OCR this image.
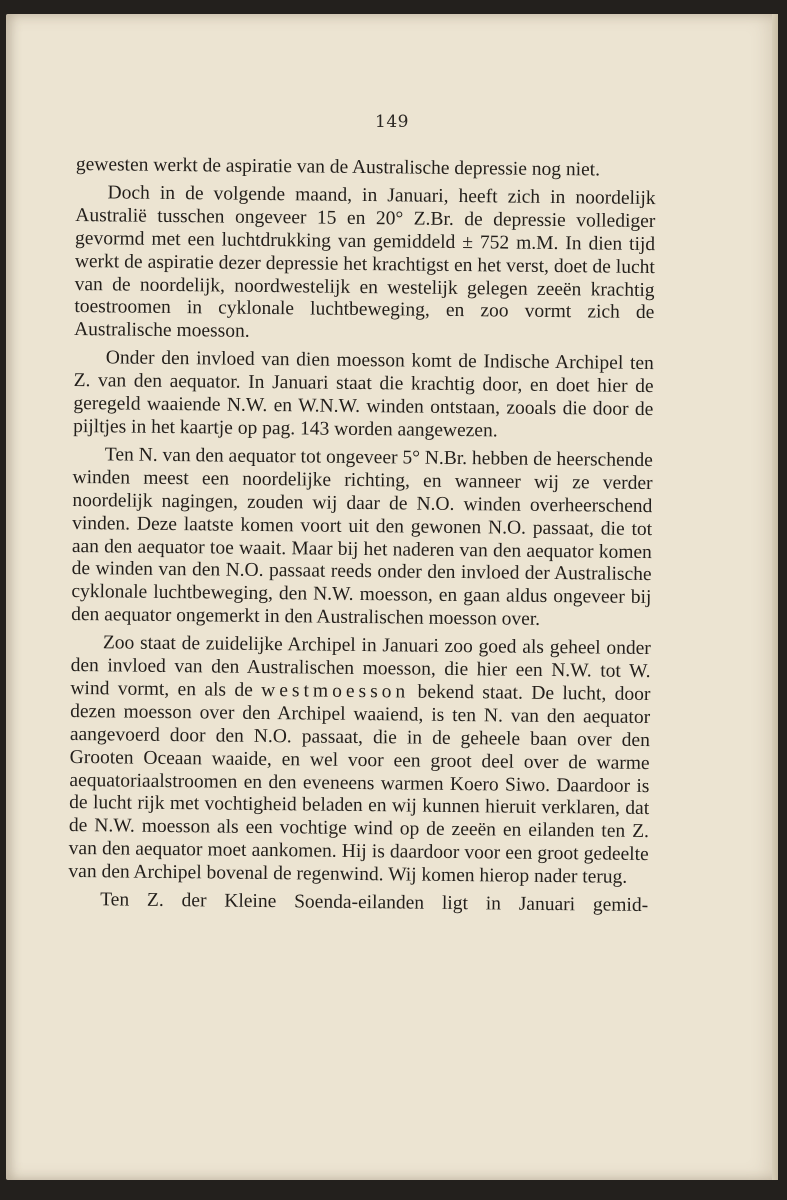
149

gewesten werkt de aspiratie van de Australische depressie nog niet.

Doch in de volgende maand, in Januari, heeft zich in noordelijk Australië tusschen ongeveer 15 en 20° Z.Br. de depressie vollediger gevormd met een luchtdrukking van gemiddeld ± 752 m.M. In dien tijd werkt de aspiratie dezer depressie het krachtigst en het verst, doet de lucht van de noordelijk, noordwestelijk en westelijk gelegen zeeën krachtig toestroomen in cyklonale luchtbeweging, en zoo vormt zich de Australische moesson.

Onder den invloed van dien moesson komt de Indische Archipel ten Z. van den aequator. In Januari staat die krachtig door, en doet hier de geregeld waaiende N.W. en W.N.W. winden ontstaan, zooals die door de pijltjes in het kaartje op pag. 143 worden aangewezen.

Ten N. van den aequator tot ongeveer 5° N.Br. hebben de heerschende winden meest een noordelijke richting, en wanneer wij ze verder noordelijk nagingen, zouden wij daar de N.O. winden overheerschend vinden. Deze laatste komen voort uit den gewonen N.O. passaat, die tot aan den aequator toe waait. Maar bij het naderen van den aequator komen de winden van den N.O. passaat reeds onder den invloed der Australische cyklonale luchtbeweging, den N.W. moesson, en gaan aldus ongeveer bij den aequator ongemerkt in den Australischen moesson over.

Zoo staat de zuidelijke Archipel in Januari zoo goed als geheel onder den invloed van den Australischen moesson, die hier een N.W. tot W. wind vormt, en als de westmoesson bekend staat. De lucht, door dezen moesson over den Archipel waaiend, is ten N. van den aequator aangevoerd door den N.O. passaat, die in de geheele baan over den Grooten Oceaan waaide, en wel voor een groot deel over de warme aequatoriaalstroomen en den eveneens warmen Koero Siwo. Daardoor is de lucht rijk met vochtigheid beladen en wij kunnen hieruit verklaren, dat de N.W. moesson als een vochtige wind op de zeeën en eilanden ten Z. van den aequator moet aankomen. Hij is daardoor voor een groot gedeelte van den Archipel bovenal de regenwind. Wij komen hierop nader terug.

Ten Z. der Kleine Soenda-eilanden ligt in Januari gemid-
